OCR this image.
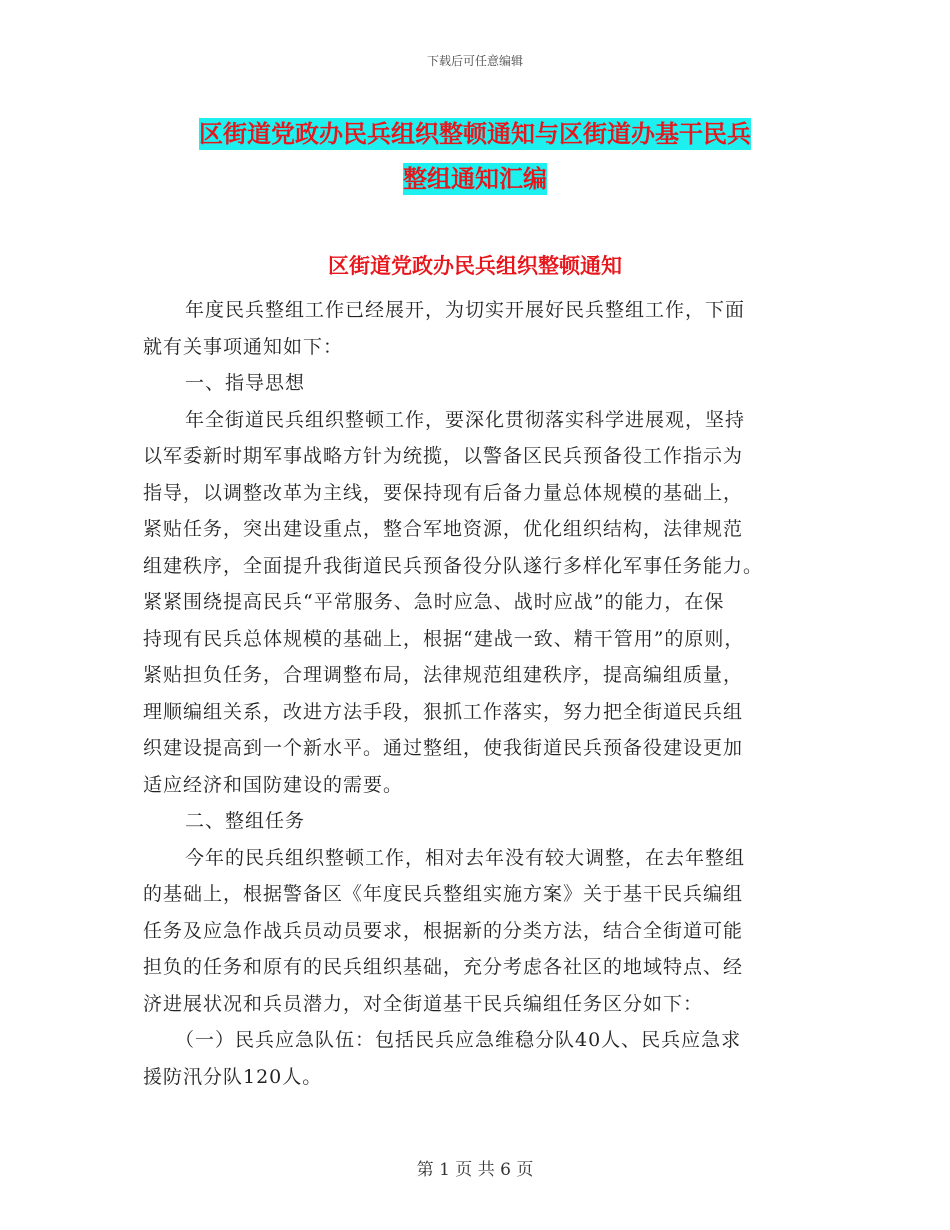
下载后可任意编辑
区街道党政办民兵组织整顿通知与区街道办基干民兵
整组通知汇编
区街道党政办民兵组织整顿通知
年度民兵整组工作已经展开，为切实开展好民兵整组工作，下面
就有关事项通知如下：
一、指导思想
年全街道民兵组织整顿工作，要深化贯彻落实科学进展观，坚持
以军委新时期军事战略方针为统揽，以警备区民兵预备役工作指示为
指导，以调整改革为主线，要保持现有后备力量总体规模的基础上，
紧贴任务，突出建设重点，整合军地资源，优化组织结构，法律规范
组建秩序，全面提升我街道民兵预备役分队遂行多样化军事任务能力。
紧紧围绕提高民兵“平常服务、急时应急、战时应战”的能力，在保
持现有民兵总体规模的基础上，根据“建战一致、精干管用”的原则，
紧贴担负任务，合理调整布局，法律规范组建秩序，提高编组质量，
理顺编组关系，改进方法手段，狠抓工作落实，努力把全街道民兵组
织建设提高到一个新水平。通过整组，使我街道民兵预备役建设更加
适应经济和国防建设的需要。
二、整组任务
今年的民兵组织整顿工作，相对去年没有较大调整，在去年整组
的基础上，根据警备区《年度民兵整组实施方案》关于基干民兵编组
任务及应急作战兵员动员要求，根据新的分类方法，结合全街道可能
担负的任务和原有的民兵组织基础，充分考虑各社区的地域特点、经
济进展状况和兵员潜力，对全街道基干民兵编组任务区分如下：
（一）民兵应急队伍：包括民兵应急维稳分队40人、民兵应急求
援防汛分队120人。
第 1 页 共 6 页
